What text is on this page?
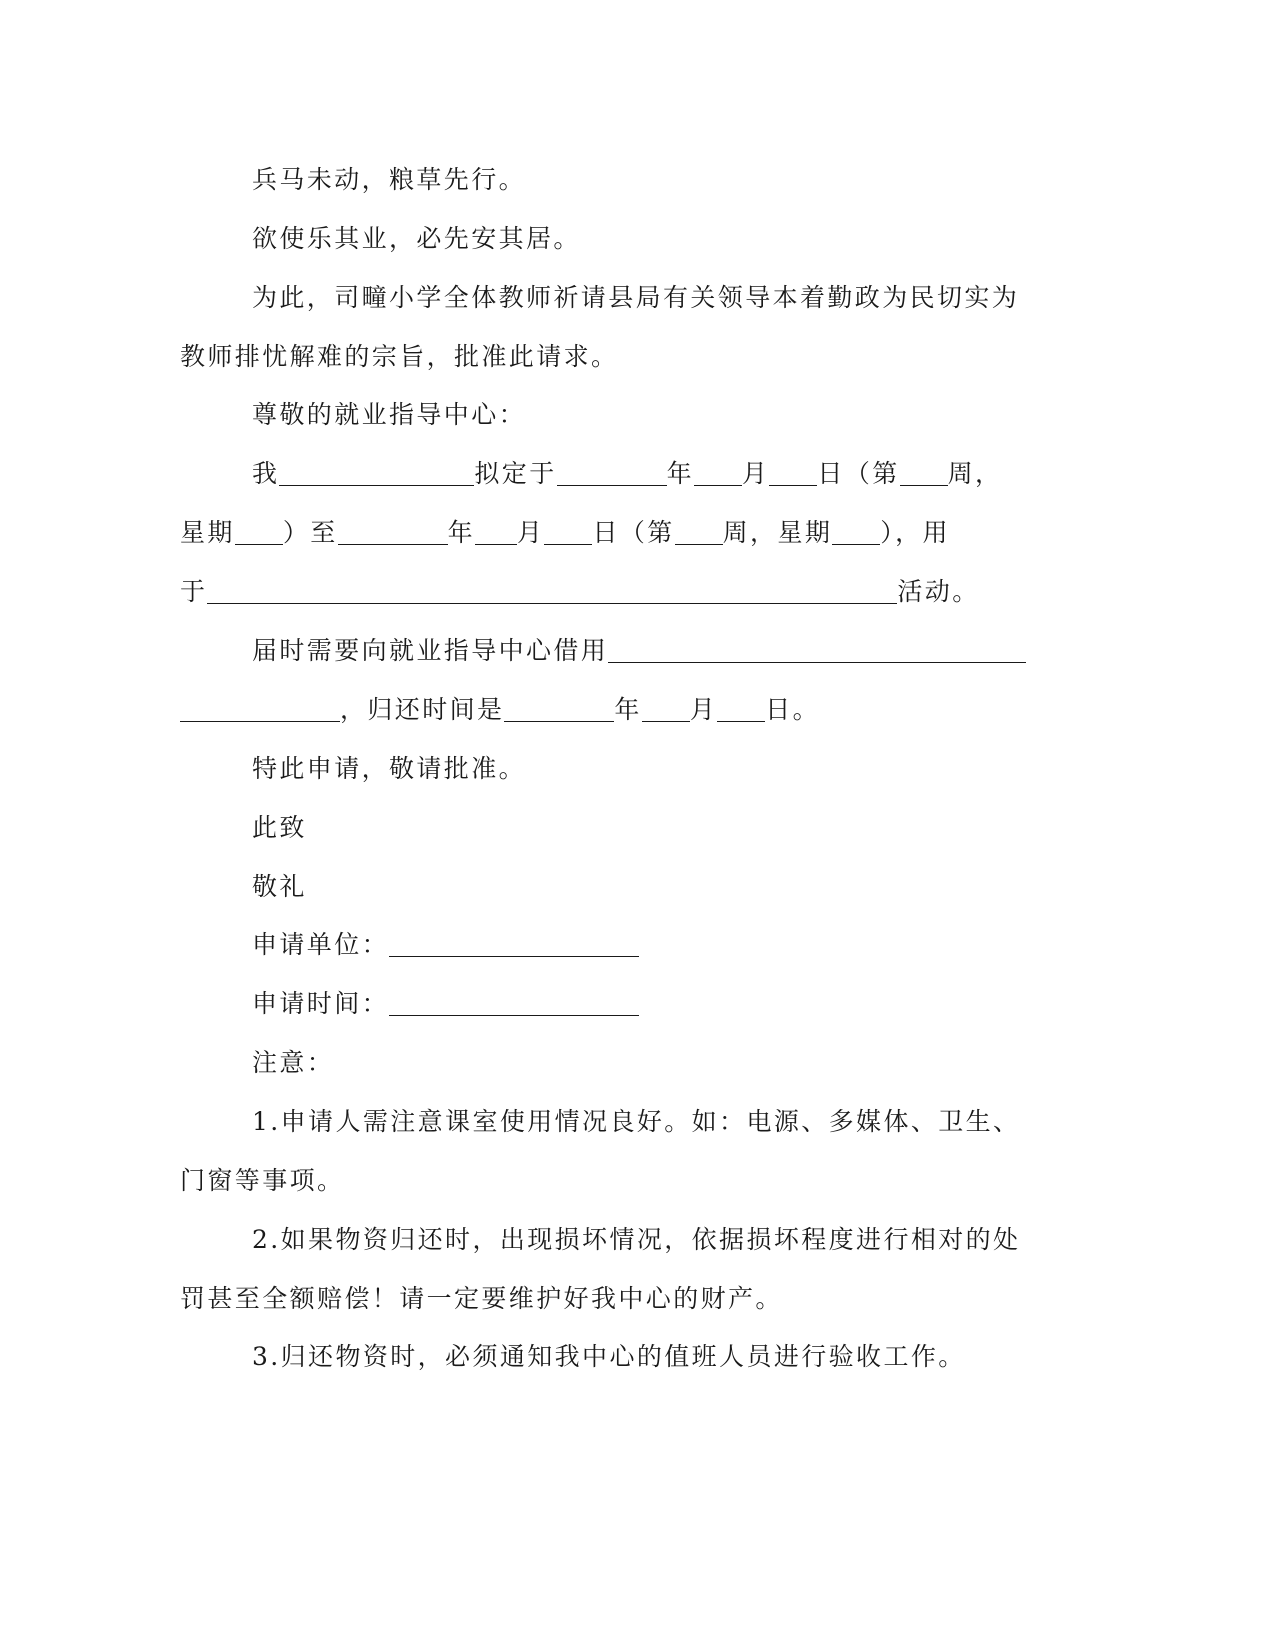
兵马未动，粮草先行。
欲使乐其业，必先安其居。
为此，司疃小学全体教师祈请县局有关领导本着勤政为民切实为
教师排忧解难的宗旨，批准此请求。
尊敬的就业指导中心：
我	拟定于	年 月 日（第 周，
星期 ）至	年 月 日（第 周，星期 ），用
于	活动。
届时需要向就业指导中心借用
，归还时间是	年 月 日。
特此申请，敬请批准。
此致
敬礼
申请单位：
申请时间：
注意：
1.申请人需注意课室使用情况良好。如：电源、多媒体、卫生、
门窗等事项。
2.如果物资归还时，出现损坏情况，依据损坏程度进行相对的处
罚甚至全额赔偿！请一定要维护好我中心的财产。
3.归还物资时，必须通知我中心的值班人员进行验收工作。
